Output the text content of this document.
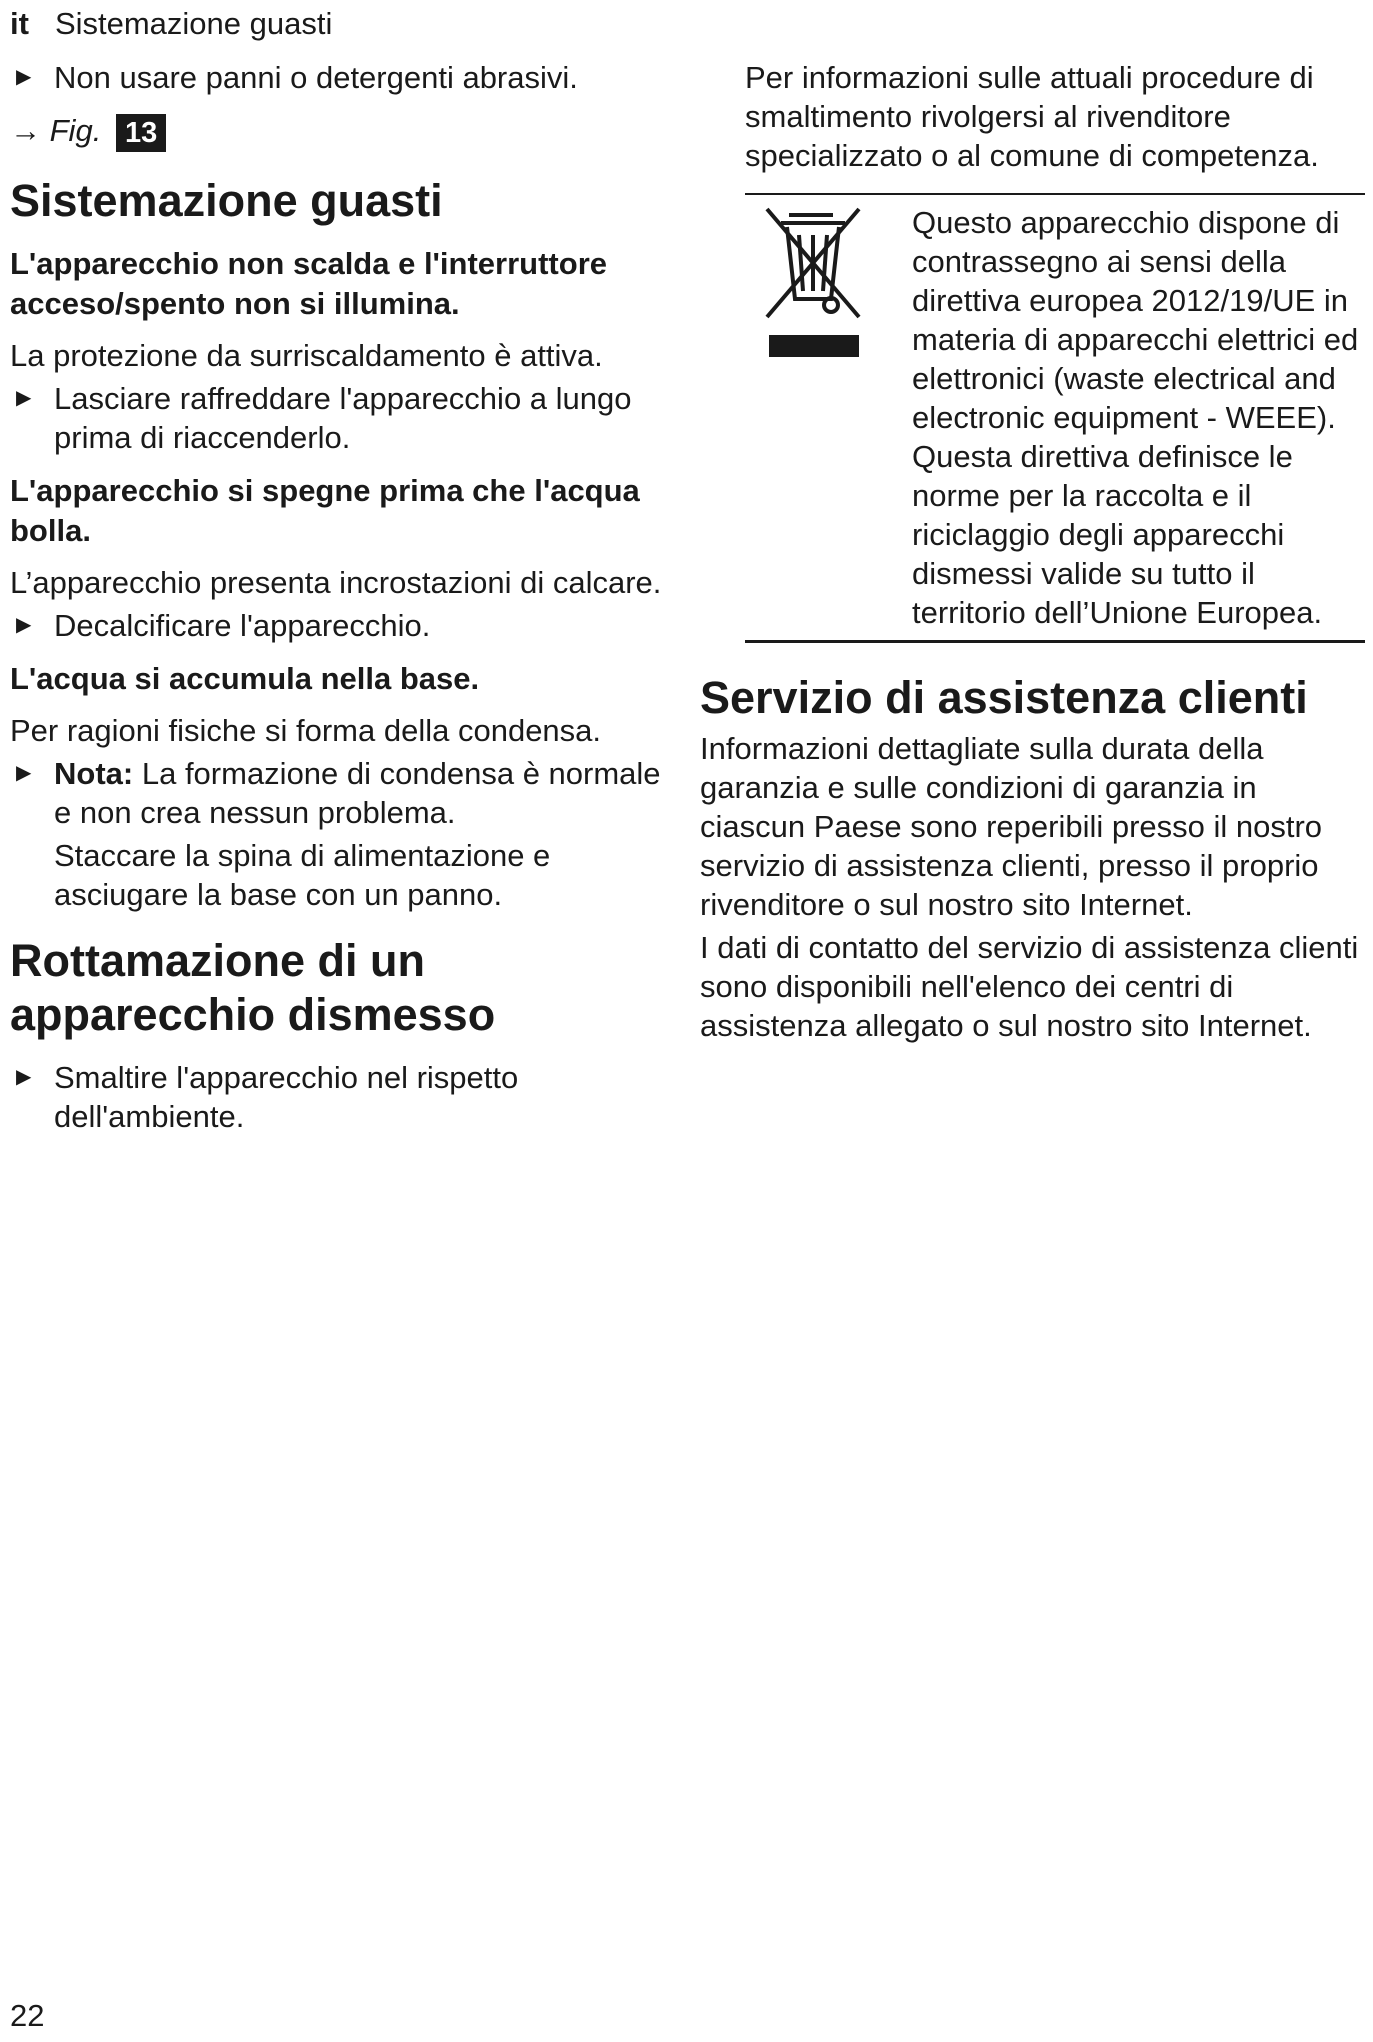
it Sistemazione guasti
▶ Non usare panni o detergenti abrasivi.
→ Fig. 13
Sistemazione guasti
L'apparecchio non scalda e l'interruttore acceso/spento non si illumina.
La protezione da surriscaldamento è attiva.
▶ Lasciare raffreddare l'apparecchio a lungo prima di riaccenderlo.
L'apparecchio si spegne prima che l'acqua bolla.
L’apparecchio presenta incrostazioni di calcare.
▶ Decalcificare l'apparecchio.
L'acqua si accumula nella base.
Per ragioni fisiche si forma della condensa.
▶ Nota: La formazione di condensa è normale e non crea nessun problema.
Staccare la spina di alimentazione e asciugare la base con un panno.
Rottamazione di un apparecchio dismesso
▶ Smaltire l'apparecchio nel rispetto dell'ambiente.
Per informazioni sulle attuali procedure di smaltimento rivolgersi al rivenditore specializzato o al comune di competenza.

Questo apparecchio dispone di contrassegno ai sensi della direttiva europea 2012/19/UE in materia di apparecchi elettrici ed elettronici (waste electrical and electronic equipment - WEEE).

Questa direttiva definisce le norme per la raccolta e il riciclaggio degli apparecchi dismessi valide su tutto il territorio dell’Unione Europea.

Servizio di assistenza clienti
Informazioni dettagliate sulla durata della garanzia e sulle condizioni di garanzia in ciascun Paese sono reperibili presso il nostro servizio di assistenza clienti, presso il proprio rivenditore o sul nostro sito Internet.
I dati di contatto del servizio di assistenza clienti sono disponibili nell'elenco dei centri di assistenza allegato o sul nostro sito Internet.
22
